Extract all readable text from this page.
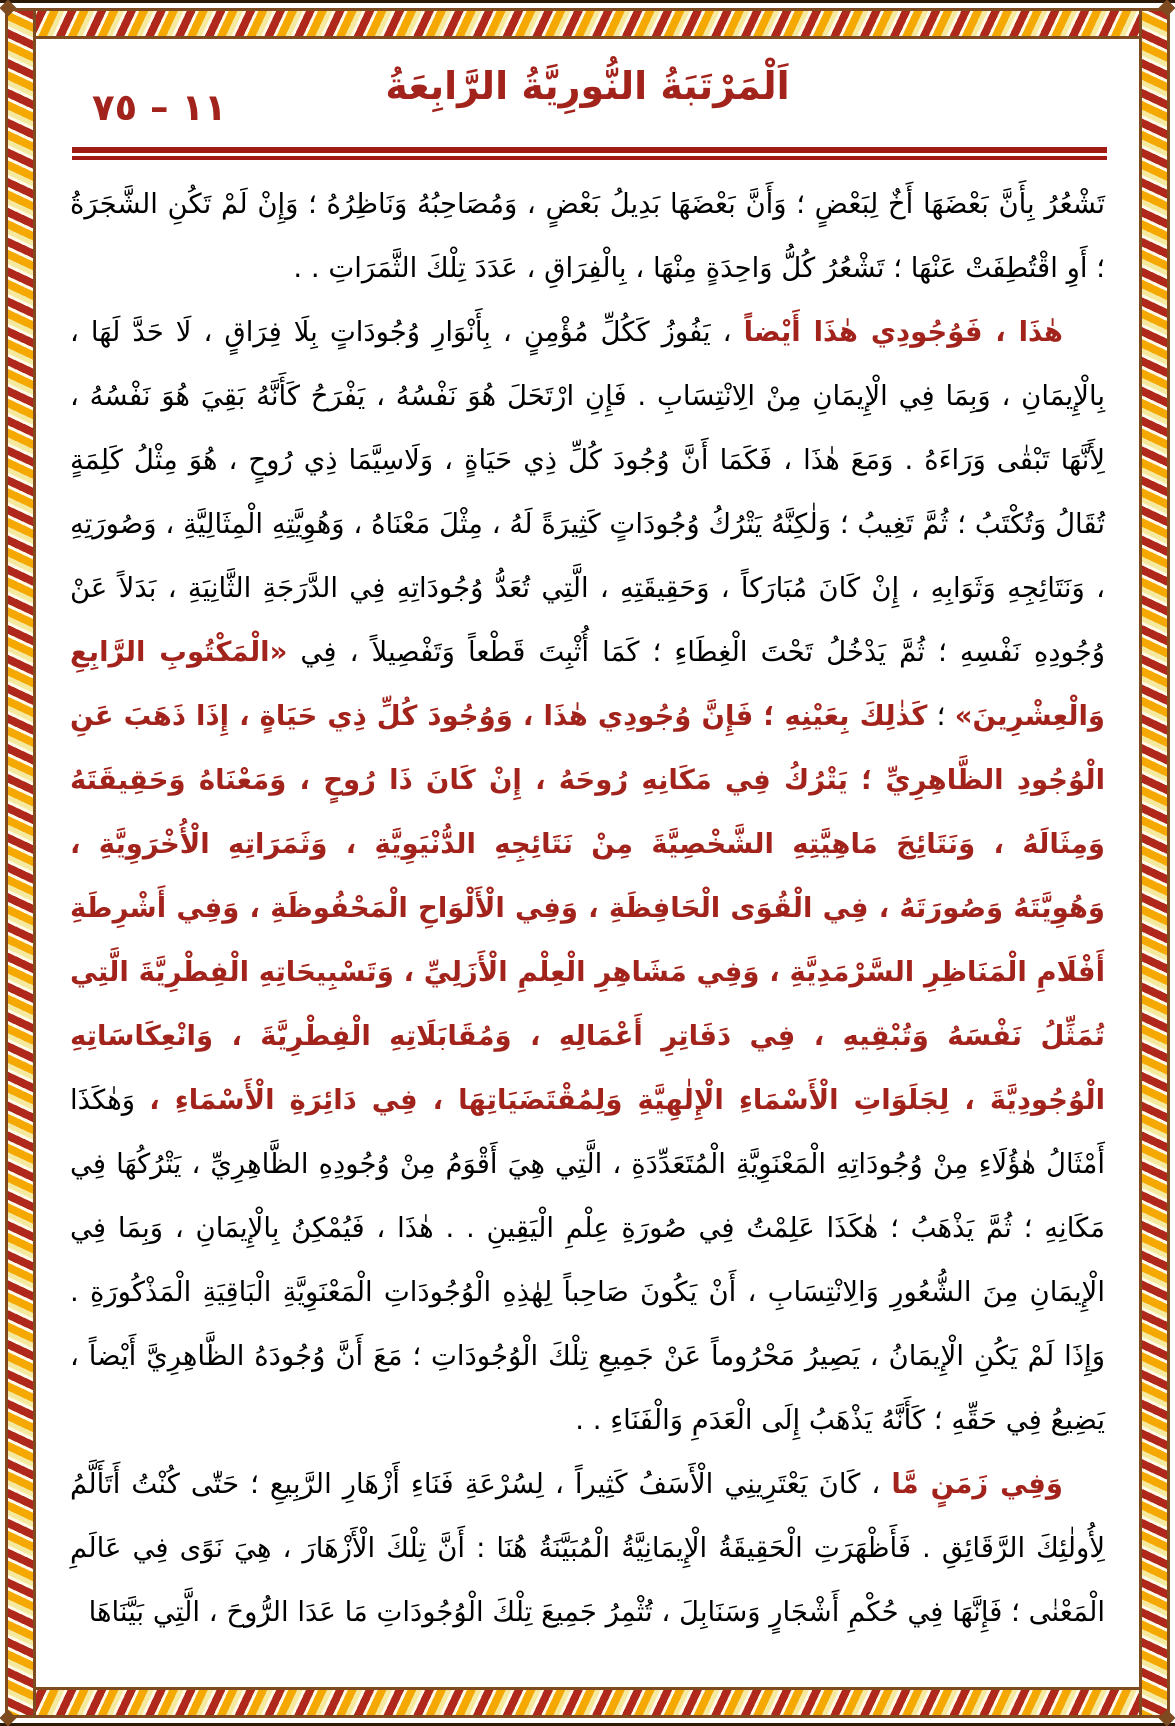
١١ – ٧٥	اَلْمَرْتَبَةُ النُّورِيَّةُ الرَّابِعَةُ

تَشْعُرُ بِأَنَّ بَعْضَهَا أَخٌ لِبَعْضٍ ؛ وَأَنَّ بَعْضَهَا بَدِيلُ بَعْضٍ ، وَمُصَاحِبُهُ وَنَاظِرُهُ ؛ وَإِنْ لَمْ تَكُنِ الشَّجَرَةُ ؛ أَوِ اقْتُطِفَتْ عَنْهَا ؛ تَشْعُرُ كُلُّ وَاحِدَةٍ مِنْهَا ، بِالْفِرَاقِ ، عَدَدَ تِلْكَ الثَّمَرَاتِ . .

هٰذَا ، فَوُجُودِي هٰذَا أَيْضاً ، يَفُوزُ كَكُلِّ مُؤْمِنٍ ، بِأَنْوَارِ وُجُودَاتٍ بِلَا فِرَاقٍ ، لَا حَدَّ لَهَا ، بِالْإِيمَانِ ، وَبِمَا فِي الْإِيمَانِ مِنْ الِانْتِسَابِ . فَإِنِ ارْتَحَلَ هُوَ نَفْسُهُ ، يَفْرَحُ كَأَنَّهُ بَقِيَ هُوَ نَفْسُهُ ، لِأَنَّهَا تَبْقٰى وَرَاءَهُ . وَمَعَ هٰذَا ، فَكَمَا أَنَّ وُجُودَ كُلِّ ذِي حَيَاةٍ ، وَلَاسِيَّمَا ذِي رُوحٍ ، هُوَ مِثْلُ كَلِمَةٍ تُقَالُ وَتُكْتَبُ ؛ ثُمَّ تَغِيبُ ؛ وَلٰكِنَّهُ يَتْرُكُ وُجُودَاتٍ كَثِيرَةً لَهُ ، مِثْلَ مَعْنَاهُ ، وَهُوِيَّتِهِ الْمِثَالِيَّةِ ، وَصُورَتِهِ ، وَنَتَائِجِهِ وَثَوَابِهِ ، إِنْ كَانَ مُبَارَكاً ، وَحَقِيقَتِهِ ، الَّتِي تُعَدُّ وُجُودَاتِهِ فِي الدَّرَجَةِ الثَّانِيَةِ ، بَدَلاً عَنْ وُجُودِهِ نَفْسِهِ ؛ ثُمَّ يَدْخُلُ تَحْتَ الْغِطَاءِ ؛ كَمَا أُثْبِتَ قَطْعاً وَتَفْصِيلاً ، فِي «الْمَكْتُوبِ الرَّابِعِ وَالْعِشْرِينَ» ؛ كَذٰلِكَ بِعَيْنِهِ ؛ فَإِنَّ وُجُودِي هٰذَا ، وَوُجُودَ كُلِّ ذِي حَيَاةٍ ، إِذَا ذَهَبَ عَنِ الْوُجُودِ الظَّاهِرِيِّ ؛ يَتْرُكُ فِي مَكَانِهِ رُوحَهُ ، إِنْ كَانَ ذَا رُوحٍ ، وَمَعْنَاهُ وَحَقِيقَتَهُ وَمِثَالَهُ ، وَنَتَائِجَ مَاهِيَّتِهِ الشَّخْصِيَّةَ مِنْ نَتَائِجِهِ الدُّنْيَوِيَّةِ ، وَثَمَرَاتِهِ الْأُخْرَوِيَّةِ ، وَهُوِيَّتَهُ وَصُورَتَهُ ، فِي الْقُوَى الْحَافِظَةِ ، وَفِي الْأَلْوَاحِ الْمَحْفُوظَةِ ، وَفِي أَشْرِطَةِ أَفْلَامِ الْمَنَاظِرِ السَّرْمَدِيَّةِ ، وَفِي مَشَاهِرِ الْعِلْمِ الْأَزَلِيِّ ، وَتَسْبِيحَاتِهِ الْفِطْرِيَّةَ الَّتِي تُمَثِّلُ نَفْسَهُ وَتُبْقِيهِ ، فِي دَفَاتِرِ أَعْمَالِهِ ، وَمُقَابَلَاتِهِ الْفِطْرِيَّةَ ، وَانْعِكَاسَاتِهِ الْوُجُودِيَّةَ ، لِجَلَوَاتِ الْأَسْمَاءِ الْإِلٰهِيَّةِ وَلِمُقْتَضَيَاتِهَا ، فِي دَائِرَةِ الْأَسْمَاءِ ، وَهٰكَذَا أَمْثَالُ هٰؤُلَاءِ مِنْ وُجُودَاتِهِ الْمَعْنَوِيَّةِ الْمُتَعَدِّدَةِ ، الَّتِي هِيَ أَقْوَمُ مِنْ وُجُودِهِ الظَّاهِرِيِّ ، يَتْرُكُهَا فِي مَكَانِهِ ؛ ثُمَّ يَذْهَبُ ؛ هٰكَذَا عَلِمْتُ فِي صُورَةِ عِلْمِ الْيَقِينِ . . هٰذَا ، فَيُمْكِنُ بِالْإِيمَانِ ، وَبِمَا فِي الْإِيمَانِ مِنَ الشُّعُورِ وَالِانْتِسَابِ ، أَنْ يَكُونَ صَاحِباً لِهٰذِهِ الْوُجُودَاتِ الْمَعْنَوِيَّةِ الْبَاقِيَةِ الْمَذْكُورَةِ . وَإِذَا لَمْ يَكُنِ الْإِيمَانُ ، يَصِيرُ مَحْرُوماً عَنْ جَمِيعِ تِلْكَ الْوُجُودَاتِ ؛ مَعَ أَنَّ وُجُودَهُ الظَّاهِرِيَّ أَيْضاً ، يَضِيعُ فِي حَقِّهِ ؛ كَأَنَّهُ يَذْهَبُ إِلَى الْعَدَمِ وَالْفَنَاءِ . .

وَفِي زَمَنٍ مَّا ، كَانَ يَعْتَرِينِي الْأَسَفُ كَثِيراً ، لِسُرْعَةِ فَنَاءِ أَزْهَارِ الرَّبِيعِ ؛ حَتّٰى كُنْتُ أَتَأَلَّمُ لِأُولٰئِكَ الرَّقَائِقِ . فَأَظْهَرَتِ الْحَقِيقَةُ الْإِيمَانِيَّةُ الْمُبَيَّنَةُ هُنَا : أَنَّ تِلْكَ الْأَزْهَارَ ، هِيَ نَوًى فِي عَالَمِ الْمَعْنٰى ؛ فَإِنَّهَا فِي حُكْمِ أَشْجَارٍ وَسَنَابِلَ ، تُثْمِرُ جَمِيعَ تِلْكَ الْوُجُودَاتِ مَا عَدَا الرُّوحَ ، الَّتِي بَيَّنَاهَا
